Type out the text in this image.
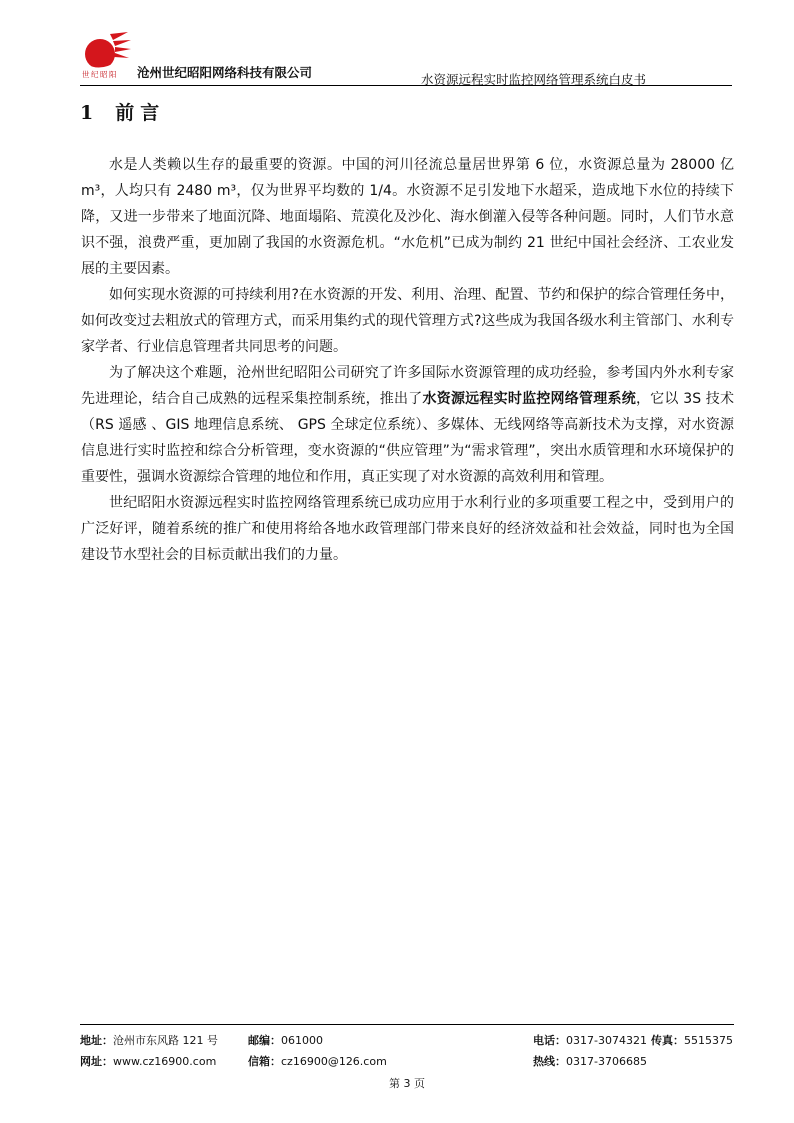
世纪昭阳 沧州世纪昭阳网络科技有限公司	水资源远程实时监控网络管理系统白皮书
1 前言

水是人类赖以生存的最重要的资源。中国的河川径流总量居世界第 6 位，水资源总量为 28000 亿 m³，人均只有 2480 m³，仅为世界平均数的 1/4。水资源不足引发地下水超采，造成地下水位的持续下降，又进一步带来了地面沉降、地面塌陷、荒漠化及沙化、海水倒灌入侵等各种问题。同时，人们节水意识不强，浪费严重，更加剧了我国的水资源危机。“水危机”已成为制约 21 世纪中国社会经济、工农业发展的主要因素。

如何实现水资源的可持续利用?在水资源的开发、利用、治理、配置、节约和保护的综合管理任务中，如何改变过去粗放式的管理方式，而采用集约式的现代管理方式?这些成为我国各级水利主管部门、水利专家学者、行业信息管理者共同思考的问题。

为了解决这个难题，沧州世纪昭阳公司研究了许多国际水资源管理的成功经验，参考国内外水利专家先进理论，结合自己成熟的远程采集控制系统，推出了水资源远程实时监控网络管理系统，它以 3S 技术（RS 遥感 、GIS 地理信息系统、 GPS 全球定位系统）、多媒体、无线网络等高新技术为支撑，对水资源信息进行实时监控和综合分析管理，变水资源的“供应管理”为“需求管理”，突出水质管理和水环境保护的重要性，强调水资源综合管理的地位和作用，真正实现了对水资源的高效利用和管理。

世纪昭阳水资源远程实时监控网络管理系统已成功应用于水利行业的多项重要工程之中，受到用户的广泛好评，随着系统的推广和使用将给各地水政管理部门带来良好的经济效益和社会效益，同时也为全国建设节水型社会的目标贡献出我们的力量。

地址：沧州市东风路 121 号	邮编：061000	电话：0317-3074321 传真：5515375
网址：www.cz16900.com	信箱：cz16900@126.com	热线：0317-3706685
第 3 页
